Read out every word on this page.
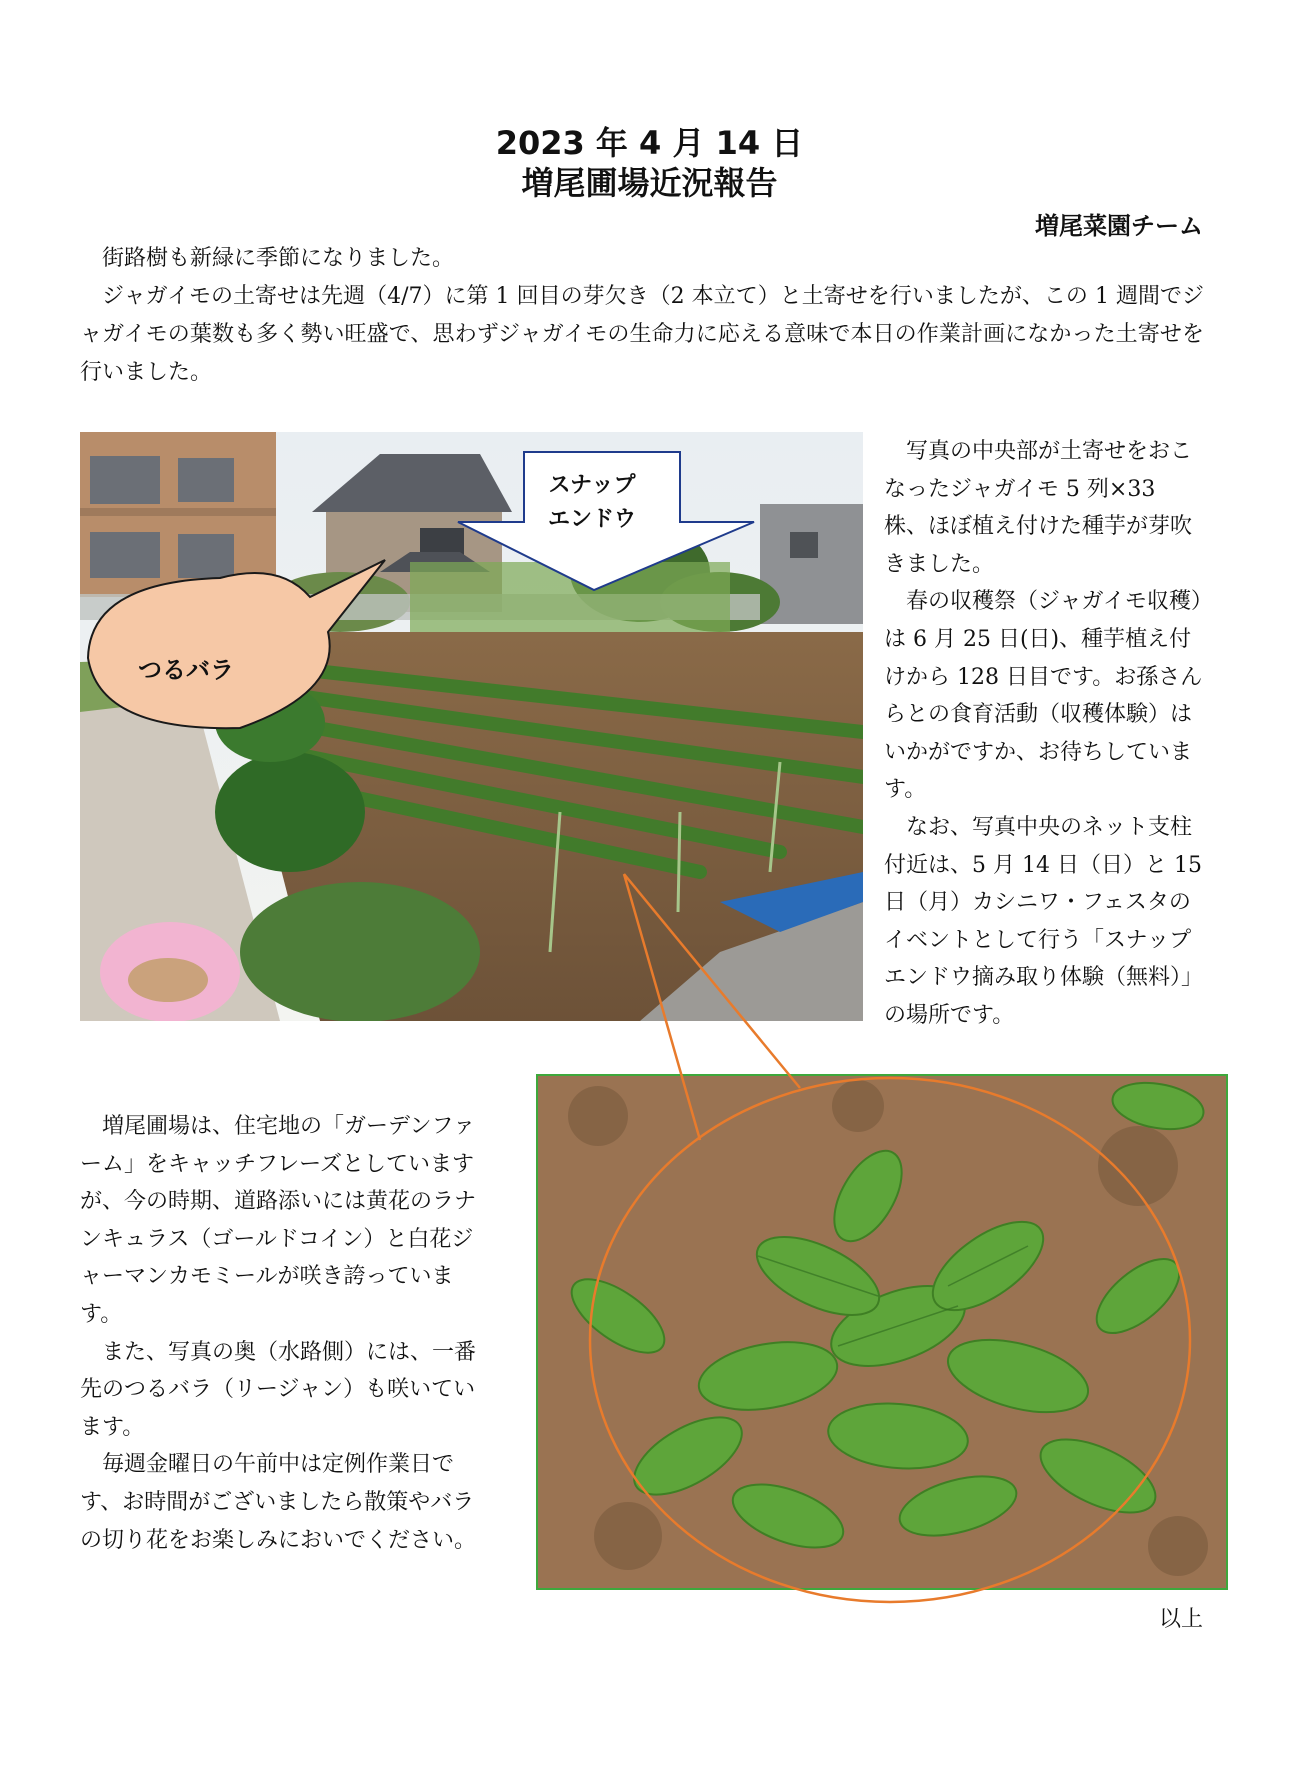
2023 年 4 月 14 日
増尾圃場近況報告
増尾菜園チーム

街路樹も新緑に季節になりました。

ジャガイモの土寄せは先週（4/7）に第 1 回目の芽欠き（2 本立て）と土寄せを行いましたが、この 1 週間でジャガイモの葉数も多く勢い旺盛で、思わずジャガイモの生命力に応える意味で本日の作業計画になかった土寄せを行いました。

つるバラ
スナップ
エンドウ

写真の中央部が土寄せをおこなったジャガイモ 5 列×33 株、ほぼ植え付けた種芋が芽吹きました。

春の収穫祭（ジャガイモ収穫）は 6 月 25 日(日)、種芋植え付けから 128 日目です。お孫さんらとの食育活動（収穫体験）はいかがですか、お待ちしています。

なお、写真中央のネット支柱付近は、5 月 14 日（日）と 15 日（月）カシニワ・フェスタのイベントとして行う「スナップエンドウ摘み取り体験（無料）」の場所です。

増尾圃場は、住宅地の「ガーデンファーム」をキャッチフレーズとしていますが、今の時期、道路添いには黄花のラナンキュラス（ゴールドコイン）と白花ジャーマンカモミールが咲き誇っています。

また、写真の奥（水路側）には、一番先のつるバラ（リージャン）も咲いています。

毎週金曜日の午前中は定例作業日です、お時間がございましたら散策やバラの切り花をお楽しみにおいでください。

以上
